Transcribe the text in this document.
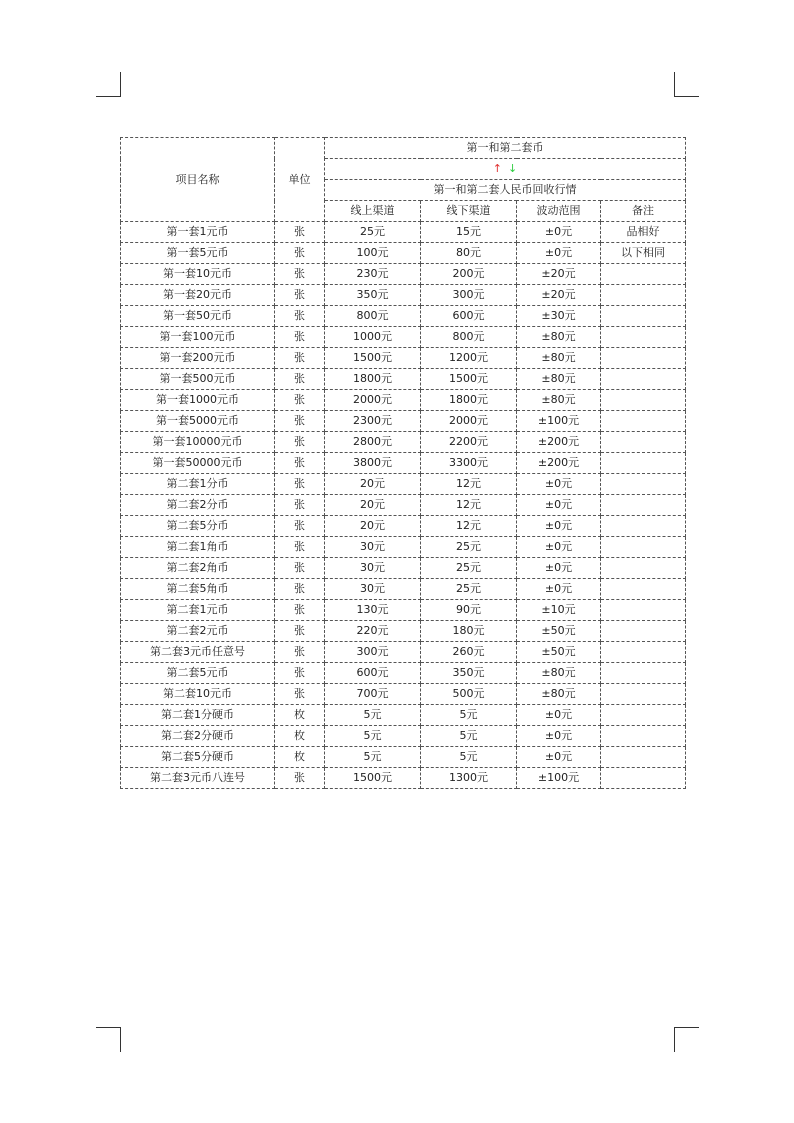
项目名称	单位	第一和第二套币			
		↑ ↓			
		第一和第二套人民币回收行情			
		线上渠道	线下渠道	波动范围	备注
第一套1元币	张	25元	15元	±0元	品相好
第一套5元币	张	100元	80元	±0元	以下相同
第一套10元币	张	230元	200元	±20元	
第一套20元币	张	350元	300元	±20元	
第一套50元币	张	800元	600元	±30元	
第一套100元币	张	1000元	800元	±80元	
第一套200元币	张	1500元	1200元	±80元	
第一套500元币	张	1800元	1500元	±80元	
第一套1000元币	张	2000元	1800元	±80元	
第一套5000元币	张	2300元	2000元	±100元	
第一套10000元币	张	2800元	2200元	±200元	
第一套50000元币	张	3800元	3300元	±200元	
第二套1分币	张	20元	12元	±0元	
第二套2分币	张	20元	12元	±0元	
第二套5分币	张	20元	12元	±0元	
第二套1角币	张	30元	25元	±0元	
第二套2角币	张	30元	25元	±0元	
第二套5角币	张	30元	25元	±0元	
第二套1元币	张	130元	90元	±10元	
第二套2元币	张	220元	180元	±50元	
第二套3元币任意号	张	300元	260元	±50元	
第二套5元币	张	600元	350元	±80元	
第二套10元币	张	700元	500元	±80元	
第二套1分硬币	枚	5元	5元	±0元	
第二套2分硬币	枚	5元	5元	±0元	
第二套5分硬币	枚	5元	5元	±0元	
第二套3元币八连号	张	1500元	1300元	±100元	
